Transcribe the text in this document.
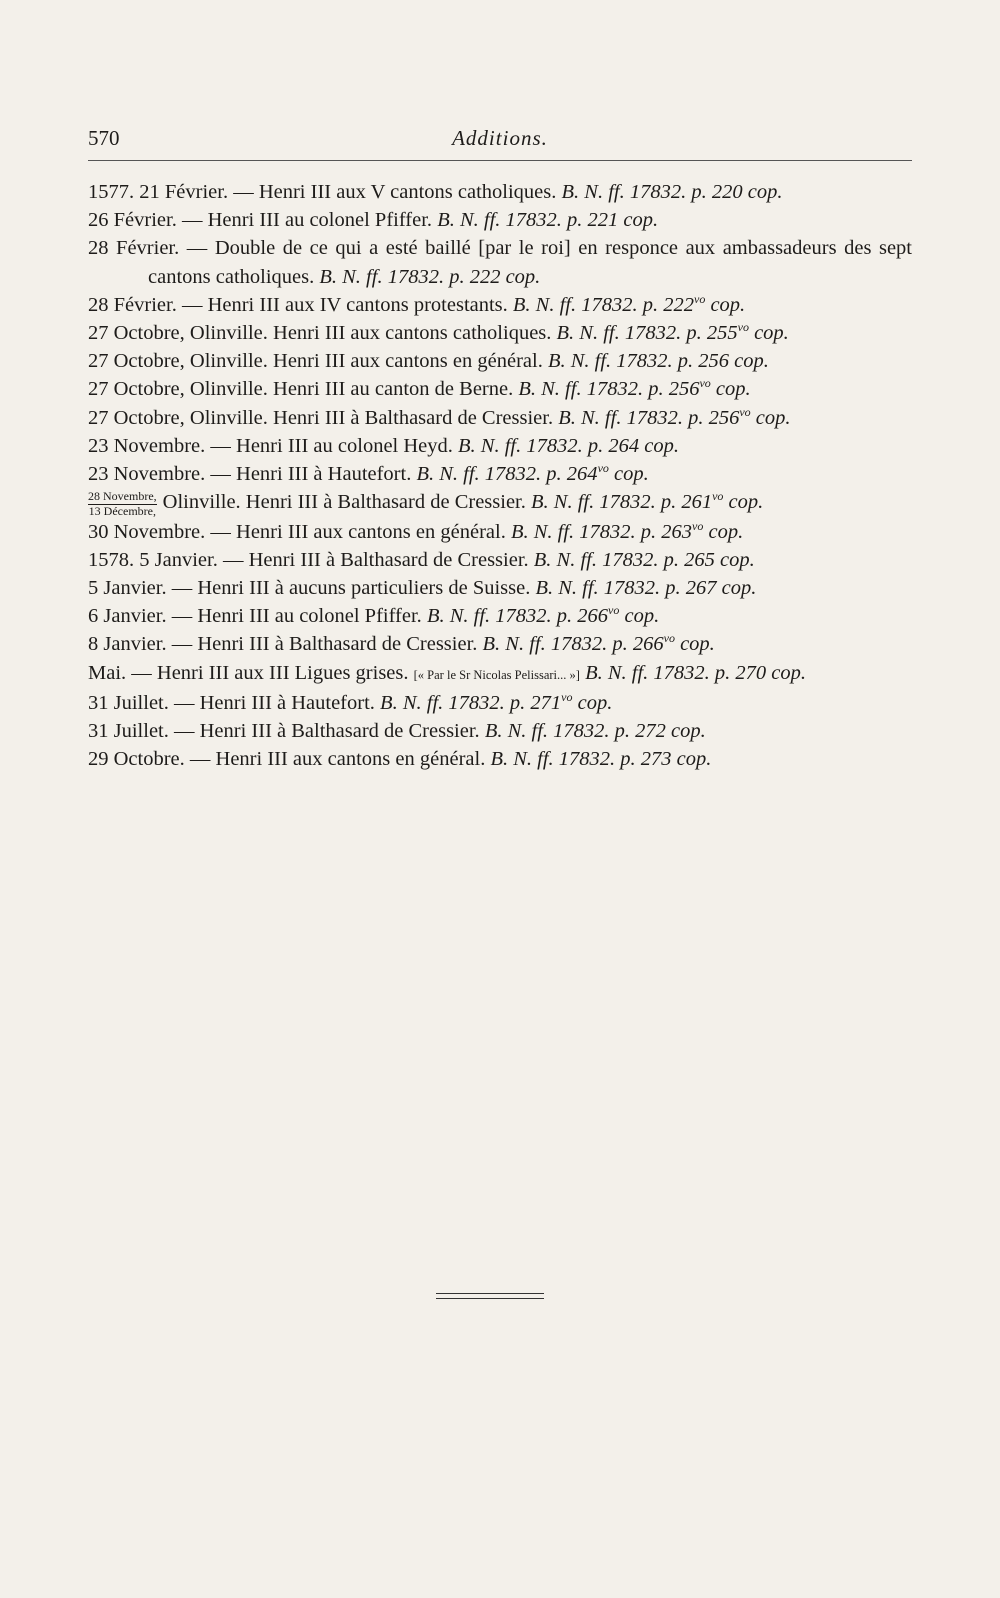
570	Additions.
1577. 21 Février. — Henri III aux V cantons catholiques. B. N. ff. 17832. p. 220 cop.
26 Février. — Henri III au colonel Pfiffer. B. N. ff. 17832. p. 221 cop.
28 Février. — Double de ce qui a esté baillé [par le roi] en responce aux ambassadeurs des sept cantons catholiques. B. N. ff. 17832. p. 222 cop.
28 Février. — Henri III aux IV cantons protestants. B. N. ff. 17832. p. $222^{vo}$ cop.
27 Octobre, Olinville. Henri III aux cantons catholiques. B. N. ff. 17832. p. $255^{vo}$ cop.
27 Octobre, Olinville. Henri III aux cantons en général. B. N. ff. 17832. p. 256 cop.
27 Octobre, Olinville. Henri III au canton de Berne. B. N. ff. 17832. p. $256^{vo}$ cop.
27 Octobre, Olinville. Henri III à Balthasard de Cressier. B. N. ff. 17832. p. $256^{vo}$ cop.
23 Novembre. — Henri III au colonel Heyd. B. N. ff. 17832. p. 264 cop.
23 Novembre. — Henri III à Hautefort. B. N. ff. 17832. p. $264^{vo}$ cop.
28 Novembre,
13 Décembre, Olinville. Henri III à Balthasard de Cressier. B. N. ff. 17832. p. $261^{vo}$ cop.
30 Novembre. — Henri III aux cantons en général. B. N. ff. 17832. p. $263^{vo}$ cop.
1578. 5 Janvier. — Henri III à Balthasard de Cressier. B. N. ff. 17832. p. 265 cop.
5 Janvier. — Henri III à aucuns particuliers de Suisse. B. N. ff. 17832. p. 267 cop.
6 Janvier. — Henri III au colonel Pfiffer. B. N. ff. 17832. p. $266^{vo}$ cop.
8 Janvier. — Henri III à Balthasard de Cressier. B. N. ff. 17832. p. $266^{vo}$ cop.
Mai. — Henri III aux III Ligues grises. [« Par le Sr Nicolas Pelissari... »] B. N. ff. 17832. p. 270 cop.
31 Juillet. — Henri III à Hautefort. B. N. ff. 17832. p. $271^{vo}$ cop.
31 Juillet. — Henri III à Balthasard de Cressier. B. N. ff. 17832. p. 272 cop.
29 Octobre. — Henri III aux cantons en général. B. N. ff. 17832. p. 273 cop.
